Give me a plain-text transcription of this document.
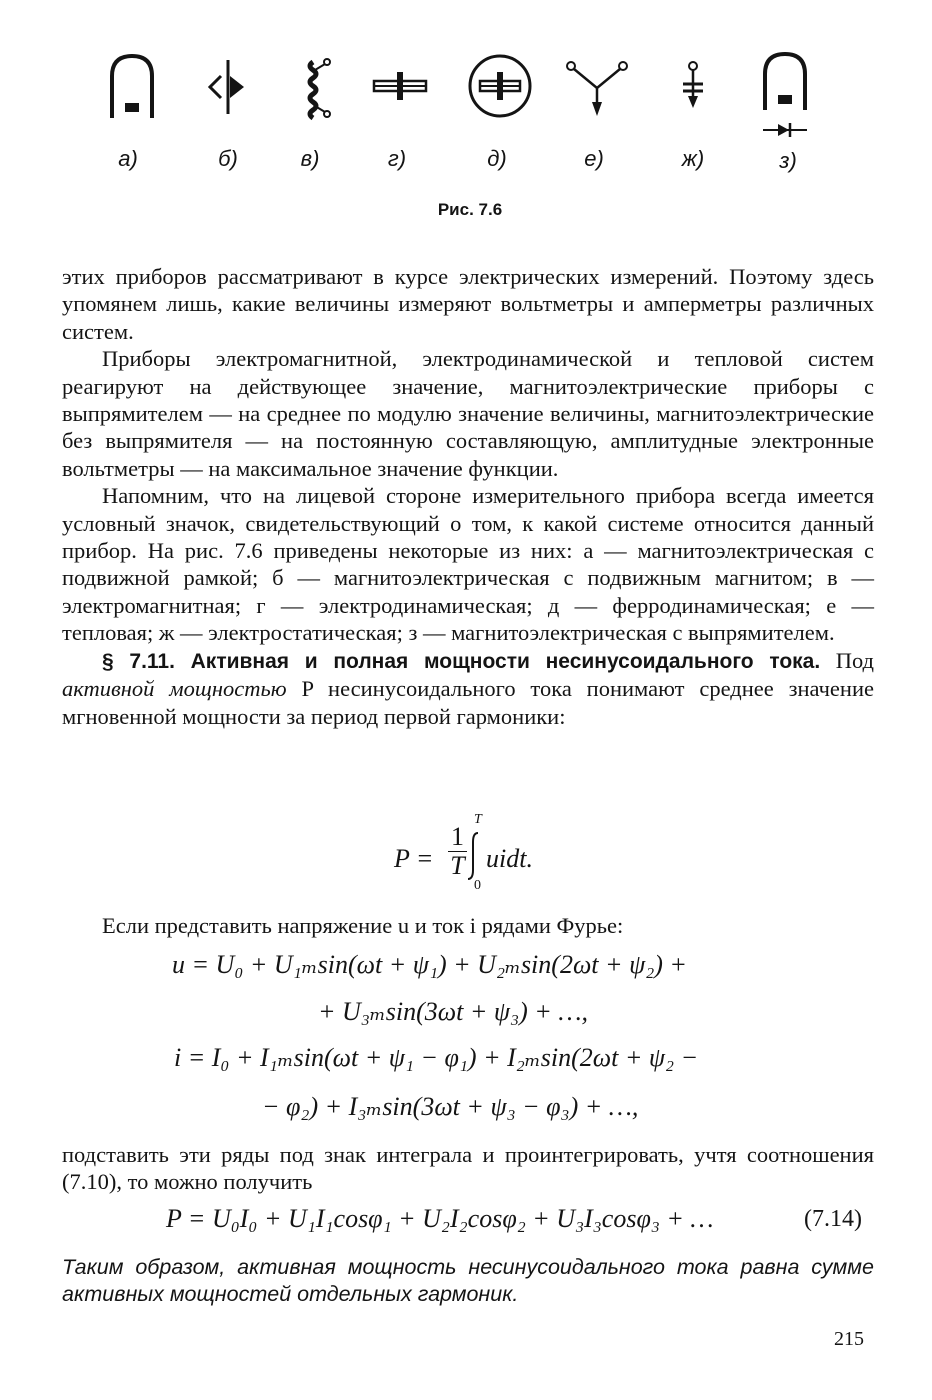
а)	б)	в)	г)	д)	е)	ж)	з)
Рис. 7.6

этих приборов рассматривают в курсе электрических измерений. Поэтому здесь упомянем лишь, какие величины измеряют вольтметры и амперметры различных систем.

Приборы электромагнитной, электродинамической и тепловой систем реагируют на действующее значение, магнитоэлектрические приборы с выпрямителем — на среднее по модулю значение величины, магнитоэлектрические без выпрямителя — на постоянную составляющую, амплитудные электронные вольтметры — на максимальное значение функции.

Напомним, что на лицевой стороне измерительного прибора всегда имеется условный значок, свидетельствующий о том, к какой системе относится данный прибор. На рис. 7.6 приведены некоторые из них: а — магнитоэлектрическая с подвижной рамкой; б — магнитоэлектрическая с подвижным магнитом; в — электромагнитная; г — электродинамическая; д — ферродинамическая; е — тепловая; ж — электростатическая; з — магнитоэлектрическая с выпрямителем.

§ 7.11. Активная и полная мощности несинусоидального тока. Под активной мощностью P несинусоидального тока понимают среднее значение мгновенной мощности за период первой гармоники:

$P = \frac{1}{T}$
T
0
uidt.

Если представить напряжение u и ток i рядами Фурье:

u = U₀ + U₁ₘsin(ωt + ψ₁) + U₂ₘsin(2ωt + ψ₂) +
+ U₃ₘsin(3ωt + ψ₃) + …,
i = I₀ + I₁ₘsin(ωt + ψ₁ − φ₁) + I₂ₘsin(2ωt + ψ₂ −
− φ₂) + I₃ₘsin(3ωt + ψ₃ − φ₃) + …,

подставить эти ряды под знак интеграла и проинтегрировать, учтя соотношения (7.10), то можно получить

P = U₀I₀ + U₁I₁cosφ₁ + U₂I₂cosφ₂ + U₃I₃cosφ₃ + …	(7.14)

Таким образом, активная мощность несинусоидального тока равна сумме активных мощностей отдельных гармоник.

215
